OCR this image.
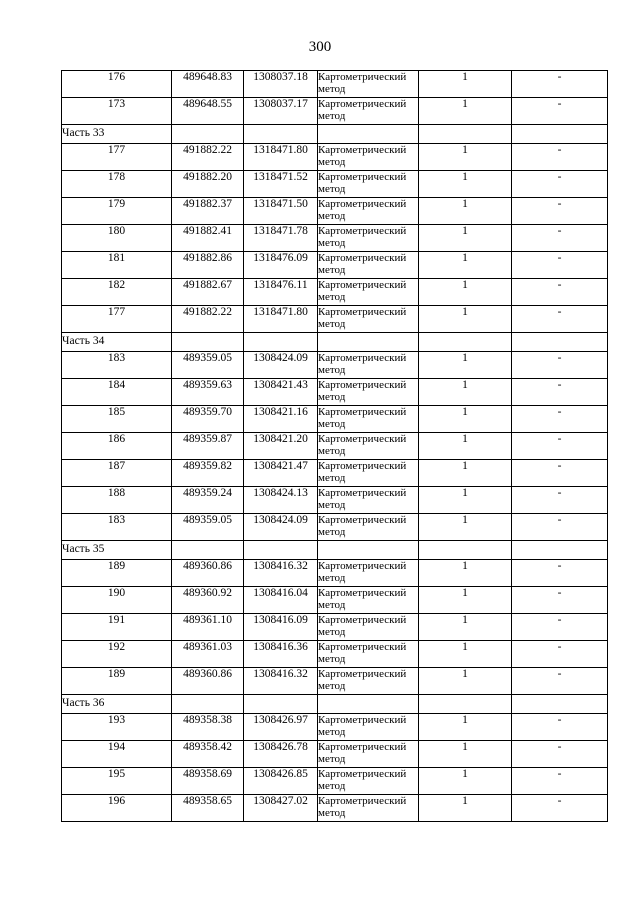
300
176	489648.83	1308037.18	Картометрический метод	1	-
173	489648.55	1308037.17	Картометрический метод	1	-
Часть 33					
177	491882.22	1318471.80	Картометрический метод	1	-
178	491882.20	1318471.52	Картометрический метод	1	-
179	491882.37	1318471.50	Картометрический метод	1	-
180	491882.41	1318471.78	Картометрический метод	1	-
181	491882.86	1318476.09	Картометрический метод	1	-
182	491882.67	1318476.11	Картометрический метод	1	-
177	491882.22	1318471.80	Картометрический метод	1	-
Часть 34					
183	489359.05	1308424.09	Картометрический метод	1	-
184	489359.63	1308421.43	Картометрический метод	1	-
185	489359.70	1308421.16	Картометрический метод	1	-
186	489359.87	1308421.20	Картометрический метод	1	-
187	489359.82	1308421.47	Картометрический метод	1	-
188	489359.24	1308424.13	Картометрический метод	1	-
183	489359.05	1308424.09	Картометрический метод	1	-
Часть 35					
189	489360.86	1308416.32	Картометрический метод	1	-
190	489360.92	1308416.04	Картометрический метод	1	-
191	489361.10	1308416.09	Картометрический метод	1	-
192	489361.03	1308416.36	Картометрический метод	1	-
189	489360.86	1308416.32	Картометрический метод	1	-
Часть 36					
193	489358.38	1308426.97	Картометрический метод	1	-
194	489358.42	1308426.78	Картометрический метод	1	-
195	489358.69	1308426.85	Картометрический метод	1	-
196	489358.65	1308427.02	Картометрический метод	1	-
